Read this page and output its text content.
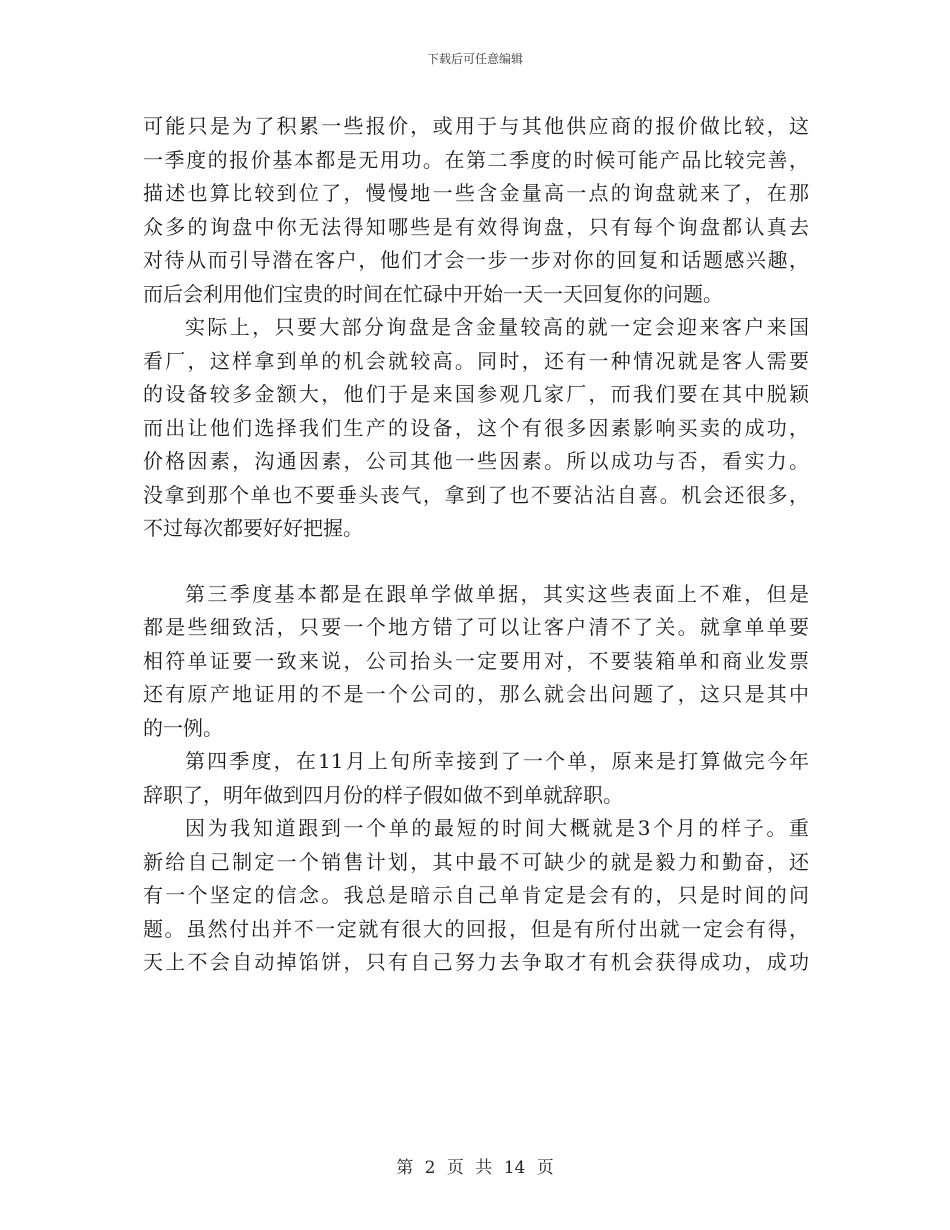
下载后可任意编辑
可能只是为了积累一些报价，或用于与其他供应商的报价做比较，这
一季度的报价基本都是无用功。在第二季度的时候可能产品比较完善，
描述也算比较到位了，慢慢地一些含金量高一点的询盘就来了，在那
众多的询盘中你无法得知哪些是有效得询盘，只有每个询盘都认真去
对待从而引导潜在客户，他们才会一步一步对你的回复和话题感兴趣，
而后会利用他们宝贵的时间在忙碌中开始一天一天回复你的问题。
实际上，只要大部分询盘是含金量较高的就一定会迎来客户来国
看厂，这样拿到单的机会就较高。同时，还有一种情况就是客人需要
的设备较多金额大，他们于是来国参观几家厂，而我们要在其中脱颖
而出让他们选择我们生产的设备，这个有很多因素影响买卖的成功，
价格因素，沟通因素，公司其他一些因素。所以成功与否，看实力。
没拿到那个单也不要垂头丧气，拿到了也不要沾沾自喜。机会还很多，
不过每次都要好好把握。
第三季度基本都是在跟单学做单据，其实这些表面上不难，但是
都是些细致活，只要一个地方错了可以让客户清不了关。就拿单单要
相符单证要一致来说，公司抬头一定要用对，不要装箱单和商业发票
还有原产地证用的不是一个公司的，那么就会出问题了，这只是其中
的一例。
第四季度，在11月上旬所幸接到了一个单，原来是打算做完今年
辞职了，明年做到四月份的样子假如做不到单就辞职。
因为我知道跟到一个单的最短的时间大概就是3个月的样子。重
新给自己制定一个销售计划，其中最不可缺少的就是毅力和勤奋，还
有一个坚定的信念。我总是暗示自己单肯定是会有的，只是时间的问
题。虽然付出并不一定就有很大的回报，但是有所付出就一定会有得，
天上不会自动掉馅饼，只有自己努力去争取才有机会获得成功，成功
第 2 页 共 14 页
